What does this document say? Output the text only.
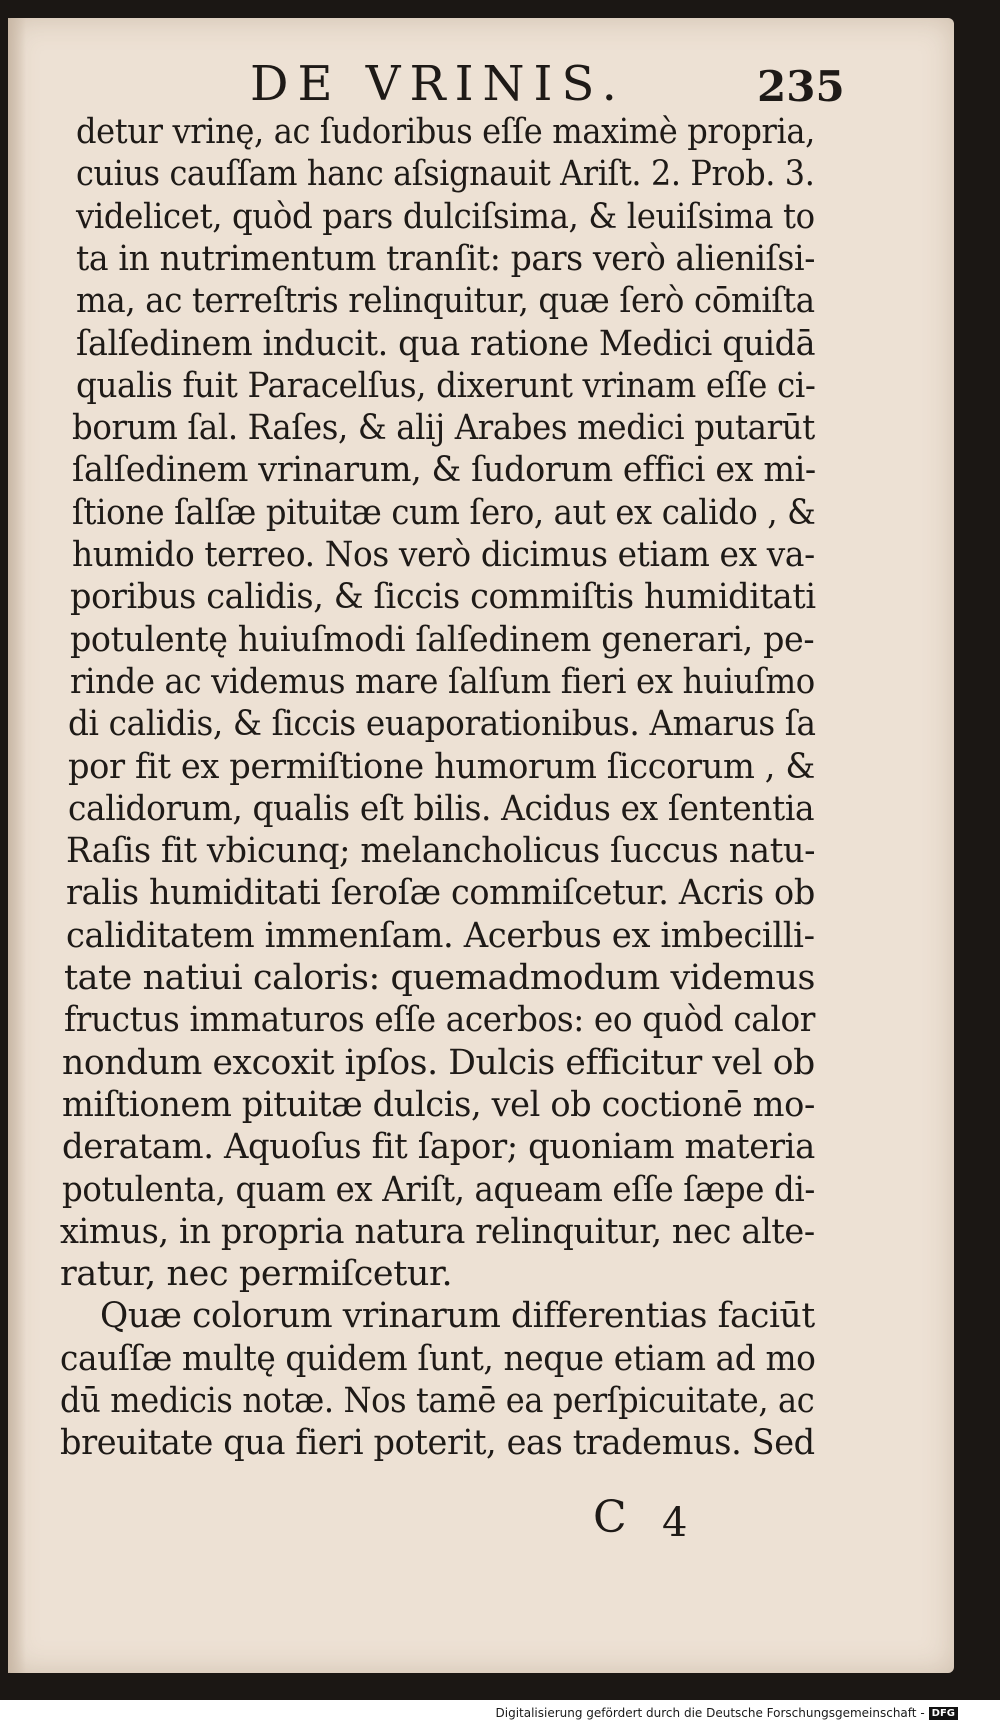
DE VRINIS.	235
detur vrinę, ac ſudoribus eſſe maximè propria,
cuius cauſſam hanc aſsignauit Ariſt. 2. Prob. 3.
videlicet, quòd pars dulciſsima, & leuiſsima to
ta in nutrimentum tranſit: pars verò alieniſsi-
ma, ac terreſtris relinquitur, quæ ſerò cōmiſta
ſalſedinem inducit. qua ratione Medici quidā
qualis fuit Paracelſus, dixerunt vrinam eſſe ci-
borum ſal. Raſes, & alij Arabes medici putarūt
ſalſedinem vrinarum, & ſudorum effici ex mi-
ſtione ſalſæ pituitæ cum ſero, aut ex calido , &
humido terreo. Nos verò dicimus etiam ex va-
poribus calidis, & ſiccis commiſtis humiditati
potulentę huiuſmodi ſalſedinem generari, pe-
rinde ac videmus mare ſalſum fieri ex huiuſmo
di calidis, & ſiccis euaporationibus. Amarus ſa
por fit ex permiſtione humorum ſiccorum , &
calidorum, qualis eſt bilis. Acidus ex ſententia
Raſis fit vbicunq; melancholicus ſuccus natu-
ralis humiditati ſeroſæ commiſcetur. Acris ob
caliditatem immenſam. Acerbus ex imbecilli-
tate natiui caloris: quemadmodum videmus
fructus immaturos eſſe acerbos: eo quòd calor
nondum excoxit ipſos. Dulcis efficitur vel ob
miſtionem pituitæ dulcis, vel ob coctionē mo-
deratam. Aquoſus fit ſapor; quoniam materia
potulenta, quam ex Ariſt, aqueam eſſe ſæpe di-
ximus, in propria natura relinquitur, nec alte-
ratur, nec permiſcetur.
Quæ colorum vrinarum differentias faciūt
cauſſæ multę quidem ſunt, neque etiam ad mo
dū medicis notæ. Nos tamē ea perſpicuitate, ac
breuitate qua fieri poterit, eas trademus. Sed
C 4
Digitalisierung gefördert durch die Deutsche Forschungsgemeinschaft - DFG
